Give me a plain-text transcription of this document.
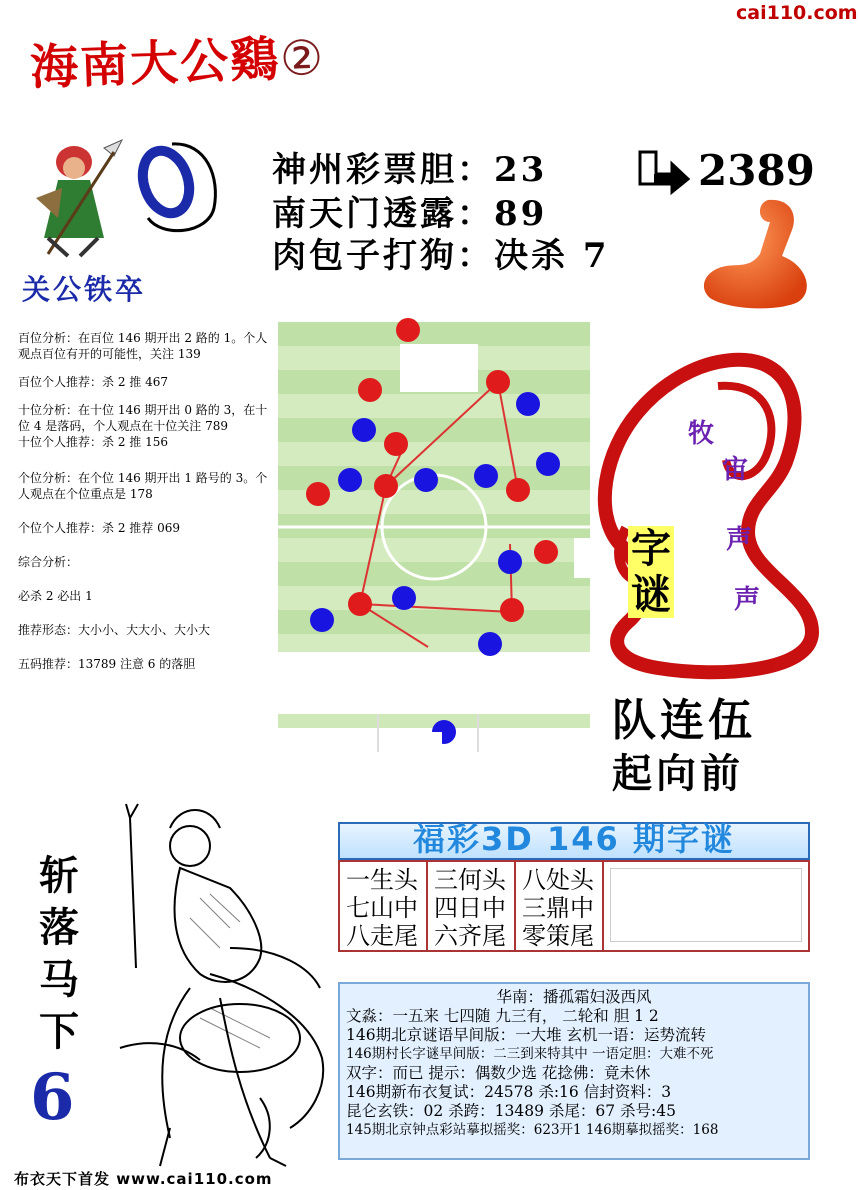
cai110.com
海南大公鷄②
关公铁卒
神州彩票胆：23
南天门透露：89
肉包子打狗：决杀 7
2389
百位分析：在百位 146 期开出 2 路的 1。个人观点百位有开的可能性，关注 139
百位个人推荐：杀 2 推 467
十位分析：在十位 146 期开出 0 路的 3，在十位 4 是落码，个人观点在十位关注 789
十位个人推荐：杀 2 推 156
个位分析：在个位 146 期开出 1 路号的 3。个人观点在个位重点是 178
个位个人推荐：杀 2 推荐 069
综合分析：
必杀 2 必出 1
推荐形态：大小小、大大小、大小大
五码推荐：13789 注意 6 的落胆
牧
宙
声
声
字谜
队连伍
起向前
斩落马下
6
布衣天下首发 www.cai110.com
福彩3D 146 期字谜
一生头
七山中
八走尾
三何头
四日中
六齐尾
八处头
三鼎中
零策尾
华南：播孤霜妇汲西风
文淼：一五来 七四随 九三有， 二轮和 胆 1 2
146期北京谜语早间版：一大堆 玄机一语：运势流转
146期村长字谜早间版：二三到来特其中 一语定胆：大难不死
双字：而已 提示：偶数少选 花捻佛：竟未休
146期新布衣复试：24578 杀:16 信封资料：3
昆仑玄铁：02 杀跨：13489 杀尾：67 杀号:45
145期北京钟点彩站摹拟摇奖：623开1 146期摹拟摇奖：168
